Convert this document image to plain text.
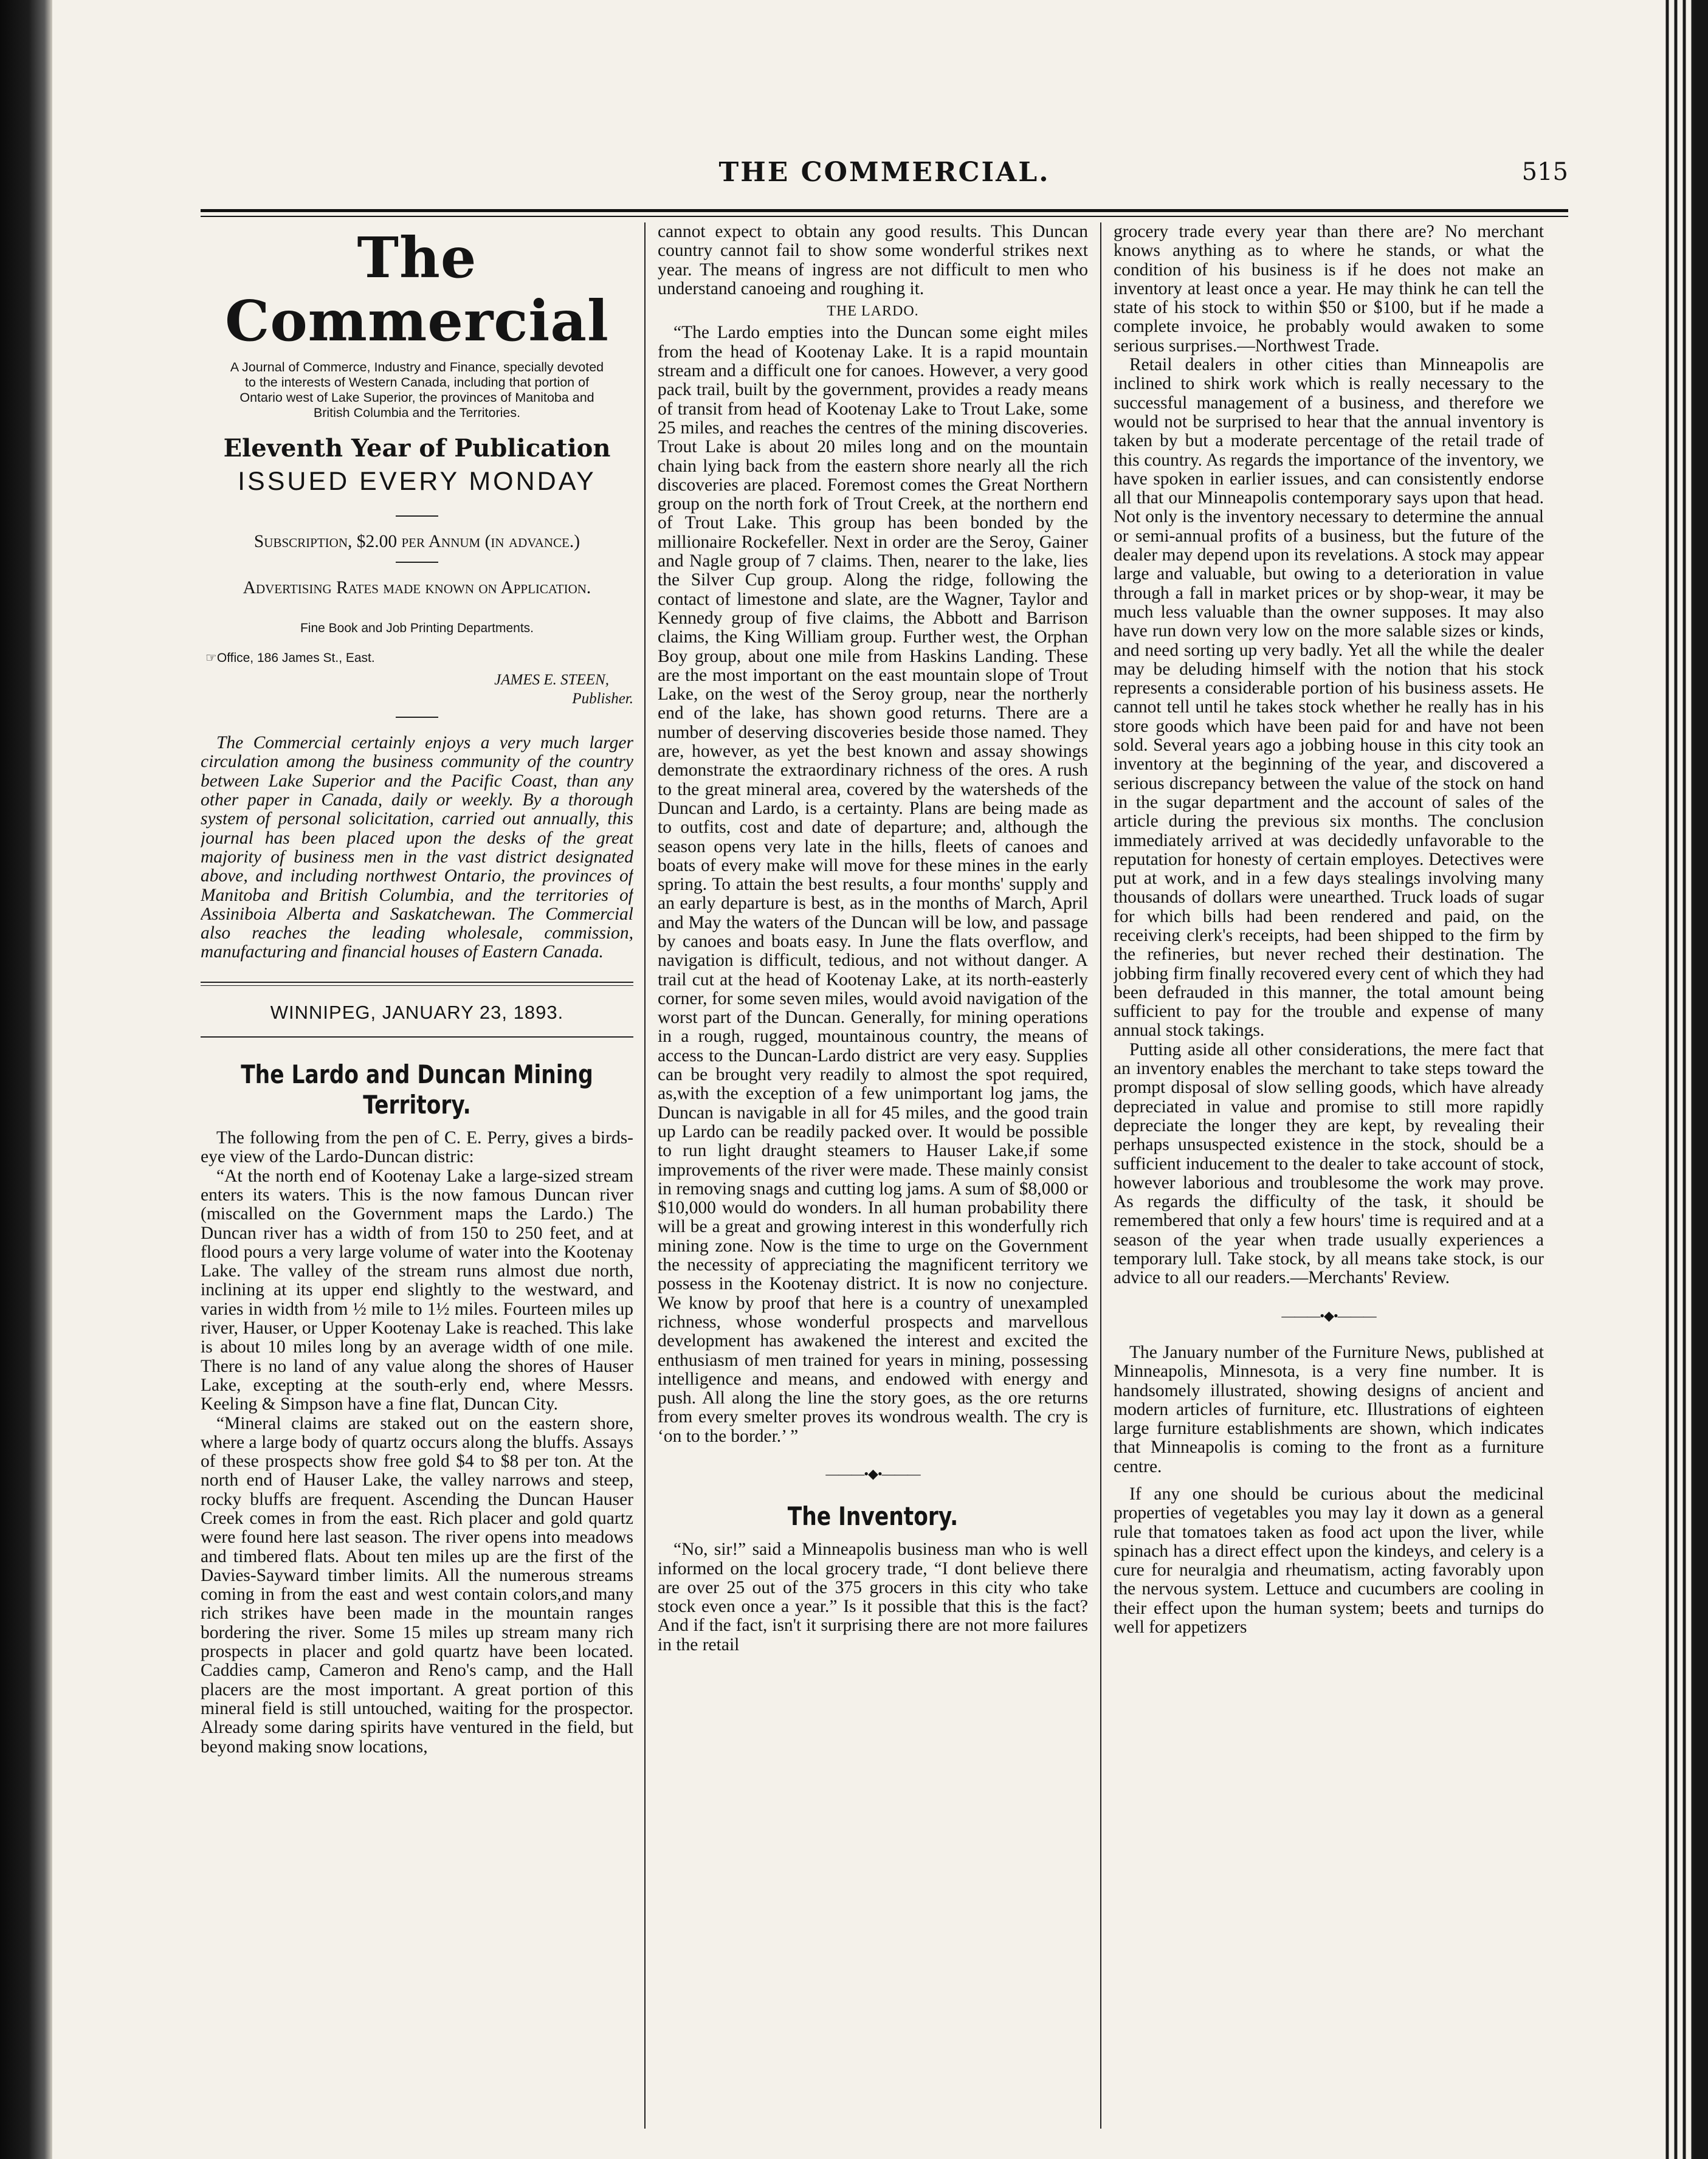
THE COMMERCIAL.	515
The Commercial
A Journal of Commerce, Industry and Finance, specially devoted to the interests of Western Canada, including that portion of Ontario west of Lake Superior, the provinces of Manitoba and British Columbia and the Territories.
Eleventh Year of Publication
ISSUED EVERY MONDAY
Subscription, $2.00 per Annum (in advance.)
Advertising Rates made known on Application.
Fine Book and Job Printing Departments.
☞Office, 186 James St., East.
JAMES E. STEEN,
Publisher.

The Commercial certainly enjoys a very much larger circulation among the business community of the country between Lake Superior and the Pacific Coast, than any other paper in Canada, daily or weekly. By a thorough system of personal solicitation, carried out annually, this journal has been placed upon the desks of the great majority of business men in the vast district designated above, and including northwest Ontario, the provinces of Manitoba and British Columbia, and the territories of Assiniboia Alberta and Saskatchewan. The Commercial also reaches the leading wholesale, commission, manufacturing and financial houses of Eastern Canada.

WINNIPEG, JANUARY 23, 1893.
The Lardo and Duncan Mining Territory.

The following from the pen of C. E. Perry, gives a birds-eye view of the Lardo-Duncan distric:

“At the north end of Kootenay Lake a large-sized stream enters its waters. This is the now famous Duncan river (miscalled on the Government maps the Lardo.) The Duncan river has a width of from 150 to 250 feet, and at flood pours a very large volume of water into the Kootenay Lake. The valley of the stream runs almost due north, inclining at its upper end slightly to the westward, and varies in width from ½ mile to 1½ miles. Fourteen miles up river, Hauser, or Upper Kootenay Lake is reached. This lake is about 10 miles long by an average width of one mile. There is no land of any value along the shores of Hauser Lake, excepting at the south-erly end, where Messrs. Keeling & Simpson have a fine flat, Duncan City.

“Mineral claims are staked out on the eastern shore, where a large body of quartz occurs along the bluffs. Assays of these prospects show free gold $4 to $8 per ton. At the north end of Hauser Lake, the valley narrows and steep, rocky bluffs are frequent. Ascending the Duncan Hauser Creek comes in from the east. Rich placer and gold quartz were found here last season. The river opens into meadows and timbered flats. About ten miles up are the first of the Davies-Sayward timber limits. All the numerous streams coming in from the east and west contain colors,and many rich strikes have been made in the mountain ranges bordering the river. Some 15 miles up stream many rich prospects in placer and gold quartz have been located. Caddies camp, Cameron and Reno's camp, and the Hall placers are the most important. A great portion of this mineral field is still untouched, waiting for the prospector. Already some daring spirits have ventured in the field, but beyond making snow locations,

cannot expect to obtain any good results. This Duncan country cannot fail to show some wonderful strikes next year. The means of ingress are not difficult to men who understand canoeing and roughing it.

THE LARDO.

“The Lardo empties into the Duncan some eight miles from the head of Kootenay Lake. It is a rapid mountain stream and a difficult one for canoes. However, a very good pack trail, built by the government, provides a ready means of transit from head of Kootenay Lake to Trout Lake, some 25 miles, and reaches the centres of the mining discoveries. Trout Lake is about 20 miles long and on the mountain chain lying back from the eastern shore nearly all the rich discoveries are placed. Foremost comes the Great Northern group on the north fork of Trout Creek, at the northern end of Trout Lake. This group has been bonded by the millionaire Rockefeller. Next in order are the Seroy, Gainer and Nagle group of 7 claims. Then, nearer to the lake, lies the Silver Cup group. Along the ridge, following the contact of limestone and slate, are the Wagner, Taylor and Kennedy group of five claims, the Abbott and Barrison claims, the King William group. Further west, the Orphan Boy group, about one mile from Haskins Landing. These are the most important on the east mountain slope of Trout Lake, on the west of the Seroy group, near the northerly end of the lake, has shown good returns. There are a number of deserving discoveries beside those named. They are, however, as yet the best known and assay showings demonstrate the extraordinary richness of the ores. A rush to the great mineral area, covered by the watersheds of the Duncan and Lardo, is a certainty. Plans are being made as to outfits, cost and date of departure; and, although the season opens very late in the hills, fleets of canoes and boats of every make will move for these mines in the early spring. To attain the best results, a four months' supply and an early departure is best, as in the months of March, April and May the waters of the Duncan will be low, and passage by canoes and boats easy. In June the flats overflow, and navigation is difficult, tedious, and not without danger. A trail cut at the head of Kootenay Lake, at its north-easterly corner, for some seven miles, would avoid navigation of the worst part of the Duncan. Generally, for mining operations in a rough, rugged, mountainous country, the means of access to the Duncan-Lardo district are very easy. Supplies can be brought very readily to almost the spot required, as,with the exception of a few unimportant log jams, the Duncan is navigable in all for 45 miles, and the good train up Lardo can be readily packed over. It would be possible to run light draught steamers to Hauser Lake,if some improvements of the river were made. These mainly consist in removing snags and cutting log jams. A sum of $8,000 or $10,000 would do wonders. In all human probability there will be a great and growing interest in this wonderfully rich mining zone. Now is the time to urge on the Government the necessity of appreciating the magnificent territory we possess in the Kootenay district. It is now no conjecture. We know by proof that here is a country of unexampled richness, whose wonderful prospects and marvellous development has awakened the interest and excited the enthusiasm of men trained for years in mining, possessing intelligence and means, and endowed with energy and push. All along the line the story goes, as the ore returns from every smelter proves its wondrous wealth. The cry is ‘on to the border.’ ”

———•◆•———
The Inventory.

“No, sir!” said a Minneapolis business man who is well informed on the local grocery trade, “I dont believe there are over 25 out of the 375 grocers in this city who take stock even once a year.” Is it possible that this is the fact? And if the fact, isn't it surprising there are not more failures in the retail

grocery trade every year than there are? No merchant knows anything as to where he stands, or what the condition of his business is if he does not make an inventory at least once a year. He may think he can tell the state of his stock to within $50 or $100, but if he made a complete invoice, he probably would awaken to some serious surprises.—Northwest Trade.

Retail dealers in other cities than Minneapolis are inclined to shirk work which is really necessary to the successful management of a business, and therefore we would not be surprised to hear that the annual inventory is taken by but a moderate percentage of the retail trade of this country. As regards the importance of the inventory, we have spoken in earlier issues, and can consistently endorse all that our Minneapolis contemporary says upon that head. Not only is the inventory necessary to determine the annual or semi-annual profits of a business, but the future of the dealer may depend upon its revelations. A stock may appear large and valuable, but owing to a deterioration in value through a fall in market prices or by shop-wear, it may be much less valuable than the owner supposes. It may also have run down very low on the more salable sizes or kinds, and need sorting up very badly. Yet all the while the dealer may be deluding himself with the notion that his stock represents a considerable portion of his business assets. He cannot tell until he takes stock whether he really has in his store goods which have been paid for and have not been sold. Several years ago a jobbing house in this city took an inventory at the beginning of the year, and discovered a serious discrepancy between the value of the stock on hand in the sugar department and the account of sales of the article during the previous six months. The conclusion immediately arrived at was decidedly unfavorable to the reputation for honesty of certain employes. Detectives were put at work, and in a few days stealings involving many thousands of dollars were unearthed. Truck loads of sugar for which bills had been rendered and paid, on the receiving clerk's receipts, had been shipped to the firm by the refineries, but never reched their destination. The jobbing firm finally recovered every cent of which they had been defrauded in this manner, the total amount being sufficient to pay for the trouble and expense of many annual stock takings.

Putting aside all other considerations, the mere fact that an inventory enables the merchant to take steps toward the prompt disposal of slow selling goods, which have already depreciated in value and promise to still more rapidly depreciate the longer they are kept, by revealing their perhaps unsuspected existence in the stock, should be a sufficient inducement to the dealer to take account of stock, however laborious and troublesome the work may prove. As regards the difficulty of the task, it should be remembered that only a few hours' time is required and at a season of the year when trade usually experiences a temporary lull. Take stock, by all means take stock, is our advice to all our readers.—Merchants' Review.

———•◆•———

The January number of the Furniture News, published at Minneapolis, Minnesota, is a very fine number. It is handsomely illustrated, showing designs of ancient and modern articles of furniture, etc. Illustrations of eighteen large furniture establishments are shown, which indicates that Minneapolis is coming to the front as a furniture centre.

If any one should be curious about the medicinal properties of vegetables you may lay it down as a general rule that tomatoes taken as food act upon the liver, while spinach has a direct effect upon the kindeys, and celery is a cure for neuralgia and rheumatism, acting favorably upon the nervous system. Lettuce and cucumbers are cooling in their effect upon the human system; beets and turnips do well for appetizers
